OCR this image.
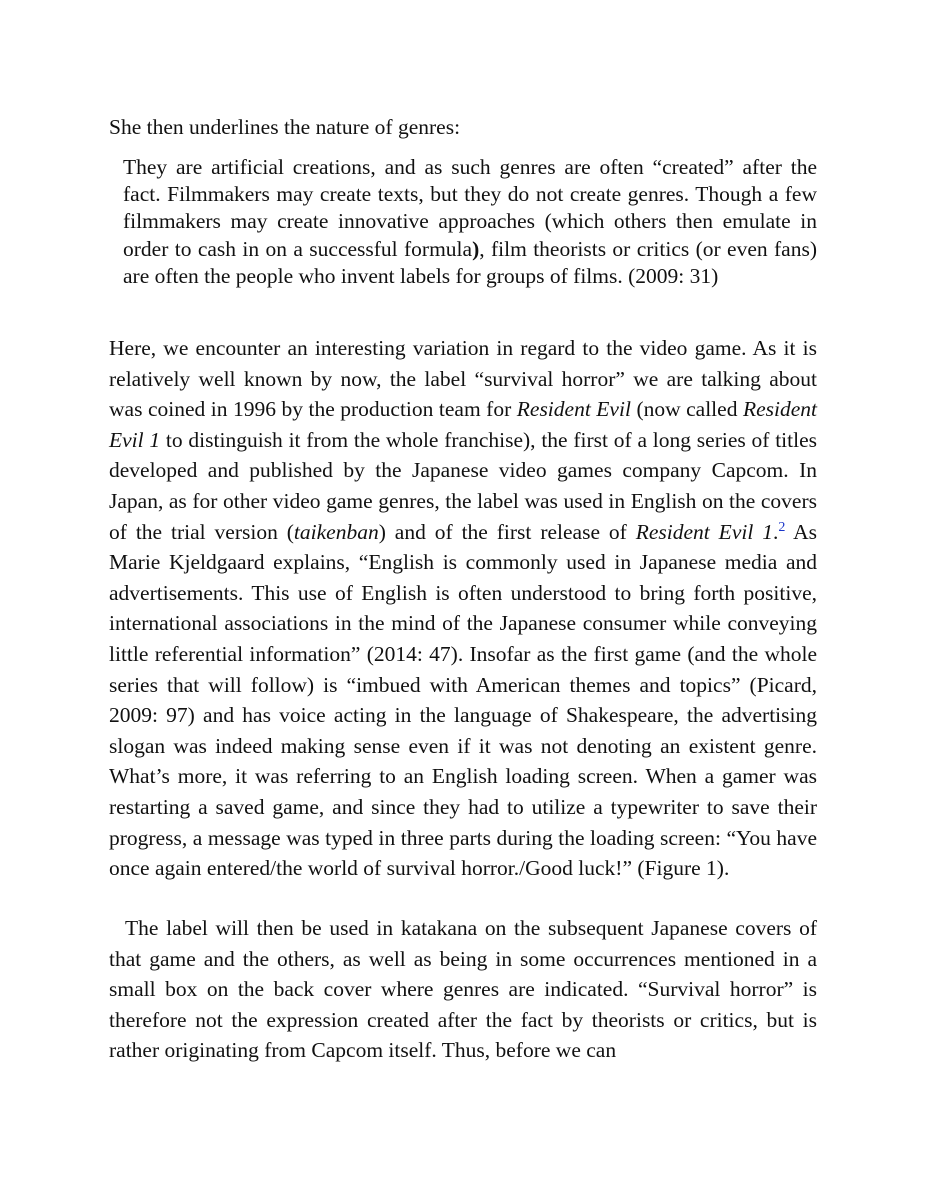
She then underlines the nature of genres:

They are artificial creations, and as such genres are often “created” after the fact. Filmmakers may create texts, but they do not create genres. Though a few filmmakers may create innovative approaches (which others then emulate in order to cash in on a successful formula), film theorists or critics (or even fans) are often the people who invent labels for groups of films. (2009: 31)

Here, we encounter an interesting variation in regard to the video game. As it is relatively well known by now, the label “survival horror” we are talking about was coined in 1996 by the production team for Resident Evil (now called Resident Evil 1 to distinguish it from the whole franchise), the first of a long series of titles developed and published by the Japanese video games company Capcom. In Japan, as for other video game genres, the label was used in English on the covers of the trial version (taikenban) and of the first release of Resident Evil 1.$^2$ As Marie Kjeldgaard explains, “English is commonly used in Japanese media and advertisements. This use of English is often understood to bring forth positive, international associations in the mind of the Japanese consumer while conveying little referential information” (2014: 47). Insofar as the first game (and the whole series that will follow) is “imbued with American themes and topics” (Picard, 2009: 97) and has voice acting in the language of Shakespeare, the advertising slogan was indeed making sense even if it was not denoting an existent genre. What’s more, it was referring to an English loading screen. When a gamer was restarting a saved game, and since they had to utilize a typewriter to save their progress, a message was typed in three parts during the loading screen: “You have once again entered/the world of survival horror./Good luck!” (Figure 1).

The label will then be used in katakana on the subsequent Japanese covers of that game and the others, as well as being in some occurrences mentioned in a small box on the back cover where genres are indicated. “Survival horror” is therefore not the expression created after the fact by theorists or critics, but is rather originating from Capcom itself. Thus, before we can
